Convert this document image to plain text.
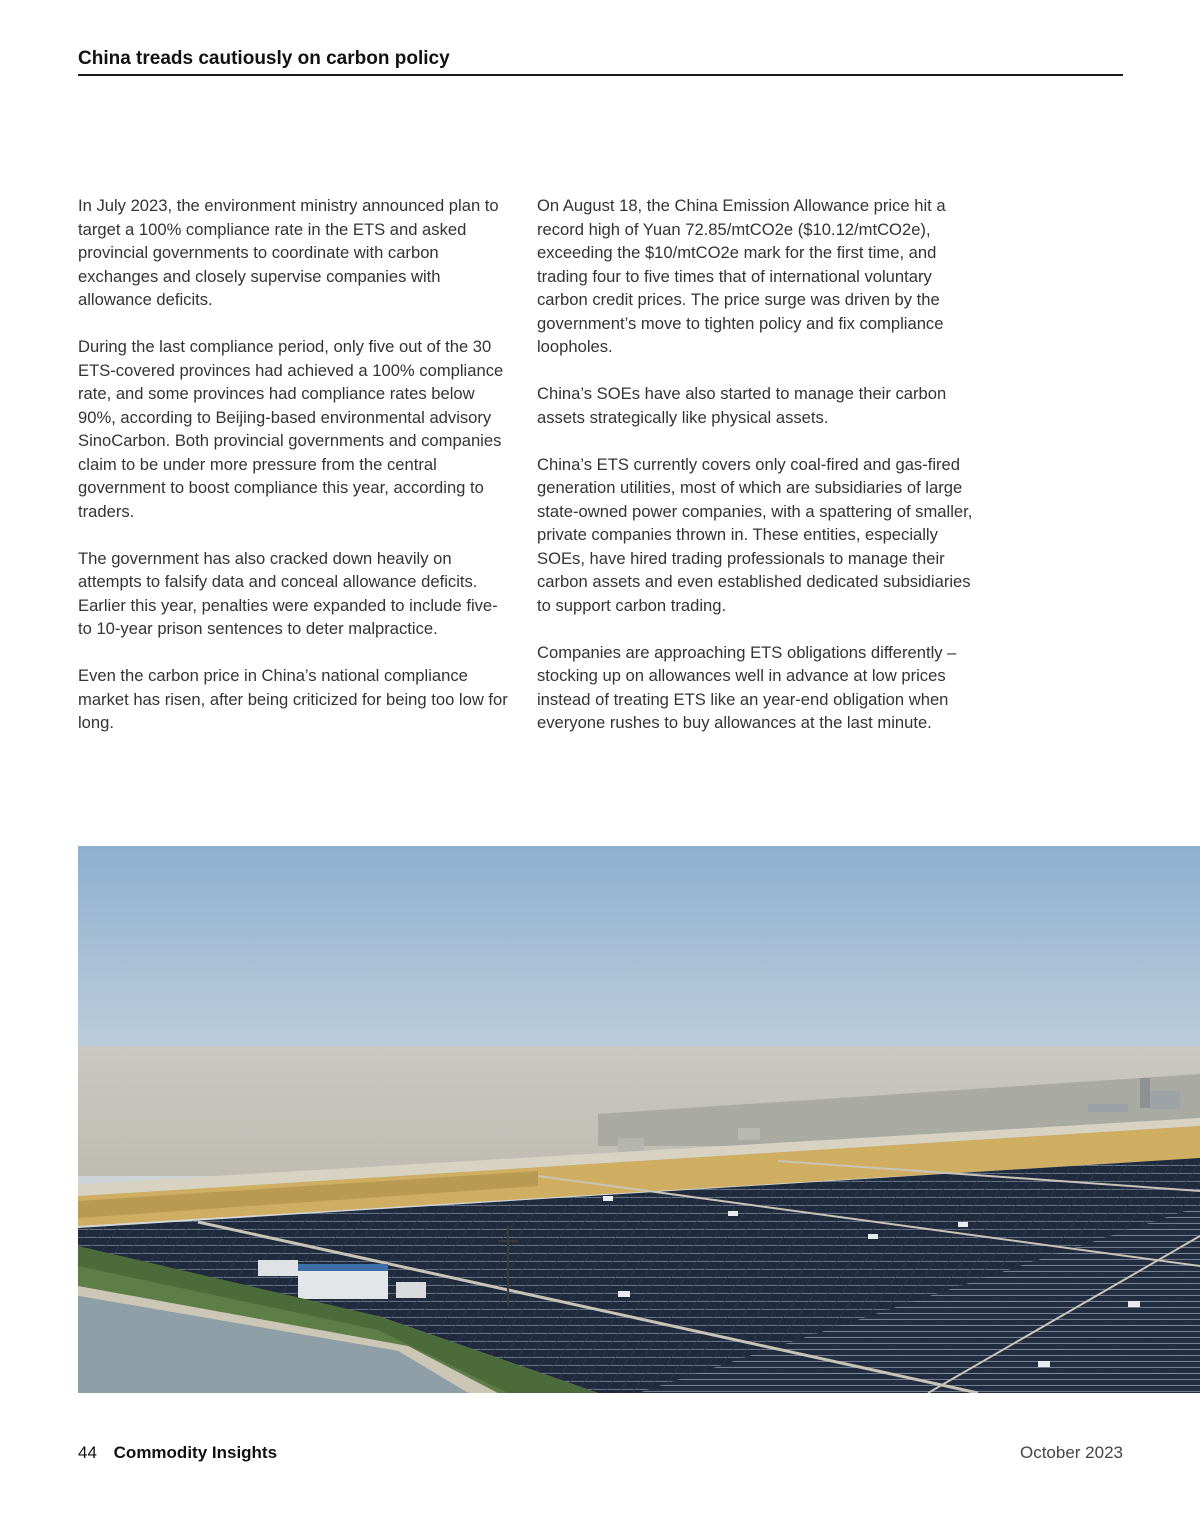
China treads cautiously on carbon policy

In July 2023, the environment ministry announced plan to target a 100% compliance rate in the ETS and asked provincial governments to coordinate with carbon exchanges and closely supervise companies with allowance deficits.

During the last compliance period, only five out of the 30 ETS-covered provinces had achieved a 100% compliance rate, and some provinces had compliance rates below 90%, according to Beijing-based environmental advisory SinoCarbon. Both provincial governments and companies claim to be under more pressure from the central government to boost compliance this year, according to traders.

The government has also cracked down heavily on attempts to falsify data and conceal allowance deficits. Earlier this year, penalties were expanded to include five- to 10-year prison sentences to deter malpractice.

Even the carbon price in China’s national compliance market has risen, after being criticized for being too low for long.

On August 18, the China Emission Allowance price hit a record high of Yuan 72.85/mtCO2e ($10.12/mtCO2e), exceeding the $10/mtCO2e mark for the first time, and trading four to five times that of international voluntary carbon credit prices. The price surge was driven by the government’s move to tighten policy and fix compliance loopholes.

China’s SOEs have also started to manage their carbon assets strategically like physical assets.

China’s ETS currently covers only coal-fired and gas-fired generation utilities, most of which are subsidiaries of large state-owned power companies, with a spattering of smaller, private companies thrown in. These entities, especially SOEs, have hired trading professionals to manage their carbon assets and even established dedicated subsidiaries to support carbon trading.

Companies are approaching ETS obligations differently – stocking up on allowances well in advance at low prices instead of treating ETS like an year-end obligation when everyone rushes to buy allowances at the last minute.

44 Commodity Insights	October 2023
